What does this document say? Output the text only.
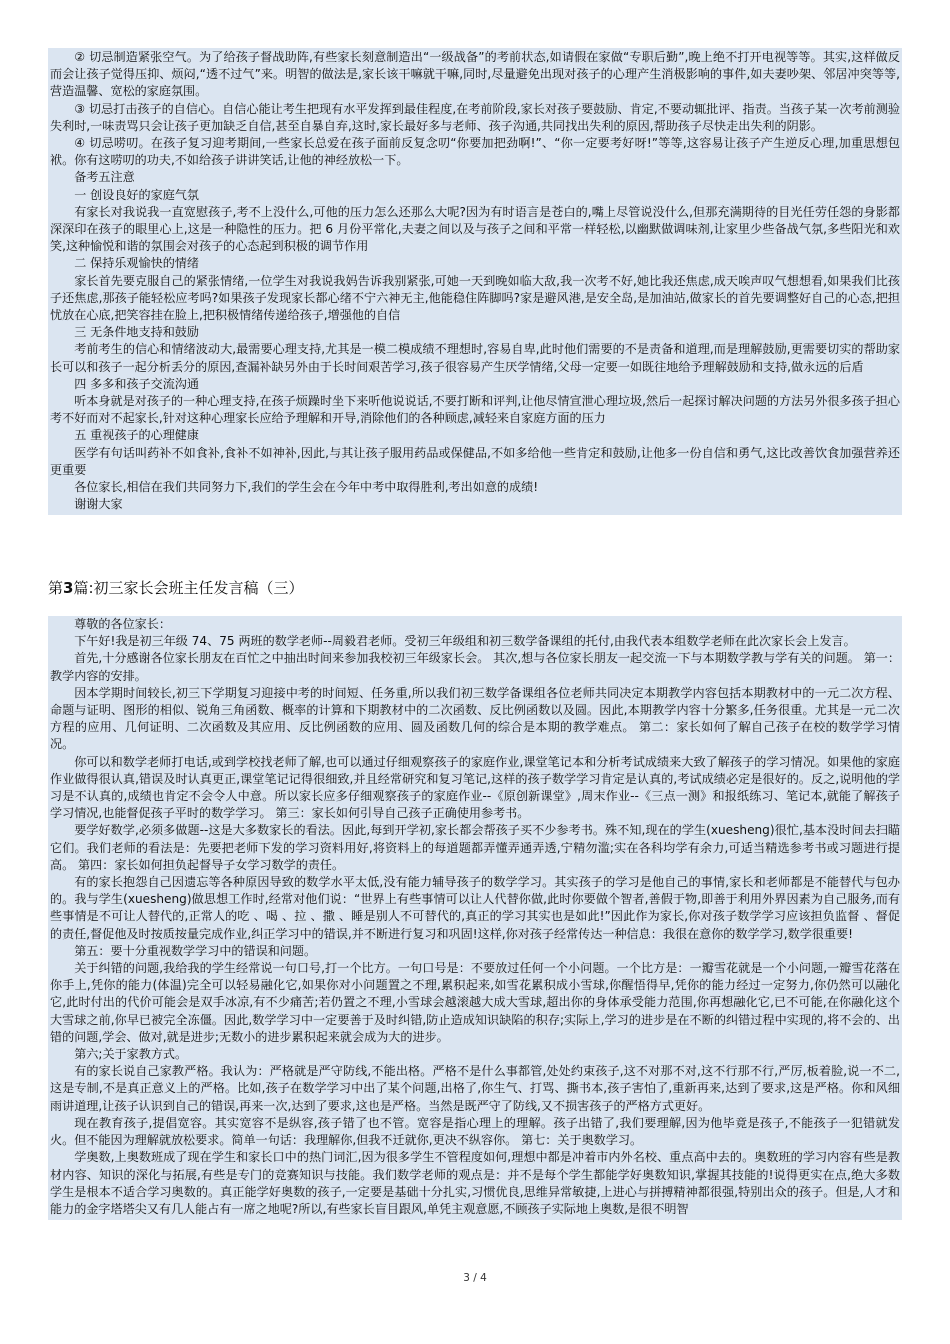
② 切忌制造紧张空气。为了给孩子督战助阵,有些家长刻意制造出“一级战备”的考前状态,如请假在家做“专职后勤”,晚上绝不打开电视等等。其实,这样做反而会让孩子觉得压抑、烦闷,“透不过气”来。明智的做法是,家长该干嘛就干嘛,同时,尽量避免出现对孩子的心理产生消极影响的事件,如夫妻吵架、邻居冲突等等,营造温馨、宽松的家庭氛围。

③ 切忌打击孩子的自信心。自信心能让考生把现有水平发挥到最佳程度,在考前阶段,家长对孩子要鼓励、肯定,不要动辄批评、指责。当孩子某一次考前测验失利时,一味责骂只会让孩子更加缺乏自信,甚至自暴自弃,这时,家长最好多与老师、孩子沟通,共同找出失利的原因,帮助孩子尽快走出失利的阴影。

④ 切忌唠叨。在孩子复习迎考期间,一些家长总爱在孩子面前反复念叨“你要加把劲啊!”、“你一定要考好呀!”等等,这容易让孩子产生逆反心理,加重思想包袱。你有这唠叨的功夫,不如给孩子讲讲笑话,让他的神经放松一下。

备考五注意

一 创设良好的家庭气氛

有家长对我说我一直宽慰孩子,考不上没什么,可他的压力怎么还那么大呢?因为有时语言是苍白的,嘴上尽管说没什么,但那充满期待的目光任劳任怨的身影都深深印在孩子的眼里心上,这是一种隐性的压力。把 6 月份平常化,夫妻之间以及与孩子之间和平常一样轻松,以幽默做调味剂,让家里少些备战气氛,多些阳光和欢笑,这种愉悦和谐的氛围会对孩子的心态起到积极的调节作用

二 保持乐观愉快的情绪

家长首先要克服自己的紧张情绪,一位学生对我说我妈告诉我别紧张,可她一天到晚如临大敌,我一次考不好,她比我还焦虑,成天唉声叹气想想看,如果我们比孩子还焦虑,那孩子能轻松应考吗?如果孩子发现家长都心绪不宁六神无主,他能稳住阵脚吗?家是避风港,是安全岛,是加油站,做家长的首先要调整好自己的心态,把担忧放在心底,把笑容挂在脸上,把积极情绪传递给孩子,增强他的自信

三 无条件地支持和鼓励

考前考生的信心和情绪波动大,最需要心理支持,尤其是一模二模成绩不理想时,容易自卑,此时他们需要的不是责备和道理,而是理解鼓励,更需要切实的帮助家长可以和孩子一起分析丢分的原因,查漏补缺另外由于长时间艰苦学习,孩子很容易产生厌学情绪,父母一定要一如既往地给予理解鼓励和支持,做永远的后盾

四 多多和孩子交流沟通

听本身就是对孩子的一种心理支持,在孩子烦躁时坐下来听他说说话,不要打断和评判,让他尽情宣泄心理垃圾,然后一起探讨解决问题的方法另外很多孩子担心考不好而对不起家长,针对这种心理家长应给予理解和开导,消除他们的各种顾虑,减轻来自家庭方面的压力

五 重视孩子的心理健康

医学有句话叫药补不如食补,食补不如神补,因此,与其让孩子服用药品或保健品,不如多给他一些肯定和鼓励,让他多一份自信和勇气,这比改善饮食加强营养还更重要

各位家长,相信在我们共同努力下,我们的学生会在今年中考中取得胜利,考出如意的成绩!

谢谢大家

第3篇:初三家长会班主任发言稿（三）

尊敬的各位家长：

下午好!我是初三年级 74、75 两班的数学老师--周毅君老师。受初三年级组和初三数学备课组的托付,由我代表本组数学老师在此次家长会上发言。

首先,十分感谢各位家长朋友在百忙之中抽出时间来参加我校初三年级家长会。 其次,想与各位家长朋友一起交流一下与本期数学教与学有关的问题。 第一：教学内容的安排。

因本学期时间较长,初三下学期复习迎接中考的时间短、任务重,所以我们初三数学备课组各位老师共同决定本期教学内容包括本期教材中的一元二次方程、命题与证明、图形的相似、锐角三角函数、概率的计算和下期教材中的二次函数、反比例函数以及圆。因此,本期教学内容十分繁多,任务很重。尤其是一元二次方程的应用、几何证明、二次函数及其应用、反比例函数的应用、圆及函数几何的综合是本期的教学难点。 第二：家长如何了解自己孩子在校的数学学习情况。

你可以和数学老师打电话,或到学校找老师了解,也可以通过仔细观察孩子的家庭作业,课堂笔记本和分析考试成绩来大致了解孩子的学习情况。如果他的家庭作业做得很认真,错误及时认真更正,课堂笔记记得很细致,并且经常研究和复习笔记,这样的孩子数学学习肯定是认真的,考试成绩必定是很好的。反之,说明他的学习是不认真的,成绩也肯定不会令人中意。所以家长应多仔细观察孩子的家庭作业--《原创新课堂》,周末作业--《三点一测》和报纸练习、笔记本,就能了解孩子学习情况,也能督促孩子平时的数学学习。 第三：家长如何引导自己孩子正确使用参考书。

要学好数学,必须多做题--这是大多数家长的看法。因此,每到开学初,家长都会帮孩子买不少参考书。殊不知,现在的学生(xuesheng)很忙,基本没时间去扫瞄它们。我们老师的看法是：先要把老师下发的学习资料用好,将资料上的每道题都弄懂弄通弄透,宁精勿滥;实在各科均学有余力,可适当精选参考书或习题进行提高。 第四：家长如何担负起督导子女学习数学的责任。

有的家长抱怨自己因遗忘等各种原因导致的数学水平太低,没有能力辅导孩子的数学学习。其实孩子的学习是他自己的事情,家长和老师都是不能替代与包办的。我与学生(xuesheng)做思想工作时,经常对他们说：“世界上有些事情可以让人代替你做,此时你要做个智者,善假于物,即善于利用外界因素为自己服务,而有些事情是不可让人替代的,正常人的吃 、喝 、拉 、撒 、睡是别人不可替代的,真正的学习其实也是如此!”因此作为家长,你对孩子数学学习应该担负监督 、督促的责任,督促他及时按质按量完成作业,纠正学习中的错误,并不断进行复习和巩固!这样,你对孩子经常传达一种信息：我很在意你的数学学习,数学很重要!

第五：要十分重视数学学习中的错误和问题。

关于纠错的问题,我给我的学生经常说一句口号,打一个比方。一句口号是：不要放过任何一个小问题。一个比方是：一瓣雪花就是一个小问题,一瓣雪花落在你手上,凭你的能力(体温)完全可以轻易融化它,如果你对小问题置之不理,累积起来,如雪花累积成小雪球,你醒悟得早,凭你的能力经过一定努力,你仍然可以融化它,此时付出的代价可能会是双手冰凉,有不少痛苦;若仍置之不理,小雪球会越滚越大成大雪球,超出你的身体承受能力范围,你再想融化它,已不可能,在你融化这个大雪球之前,你早已被完全冻僵。因此,数学学习中一定要善于及时纠错,防止造成知识缺陷的积存;实际上,学习的进步是在不断的纠错过程中实现的,将不会的、出错的问题,学会、做对,就是进步;无数小的进步累积起来就会成为大的进步。

第六;关于家教方式。

有的家长说自己家教严格。我认为：严格就是严守防线,不能出格。严格不是什么事都管,处处约束孩子,这不对那不对,这不行那不行,严厉,板着脸,说一不二,这是专制,不是真正意义上的严格。比如,孩子在数学学习中出了某个问题,出格了,你生气、打骂、撕书本,孩子害怕了,重新再来,达到了要求,这是严格。你和风细雨讲道理,让孩子认识到自己的错误,再来一次,达到了要求,这也是严格。当然是既严守了防线,又不损害孩子的严格方式更好。

现在教育孩子,提倡宽容。其实宽容不是纵容,孩子错了也不管。宽容是指心理上的理解。孩子出错了,我们要理解,因为他毕竟是孩子,不能孩子一犯错就发火。但不能因为理解就放松要求。简单一句话：我理解你,但我不迁就你,更决不纵容你。 第七：关于奥数学习。

学奥数,上奥数班成了现在学生和家长口中的热门词汇,因为很多学生不管程度如何,理想中都是冲着市内外名校、重点高中去的。奥数班的学习内容有些是教材内容、知识的深化与拓展,有些是专门的竞赛知识与技能。我们数学老师的观点是：并不是每个学生都能学好奥数知识,掌握其技能的!说得更实在点,绝大多数学生是根本不适合学习奥数的。真正能学好奥数的孩子,一定要是基础十分扎实,习惯优良,思维异常敏捷,上进心与拼搏精神都很强,特别出众的孩子。但是,人才和能力的金字塔塔尖又有几人能占有一席之地呢?所以,有些家长盲目跟风,单凭主观意愿,不顾孩子实际地上奥数,是很不明智

3 / 4
